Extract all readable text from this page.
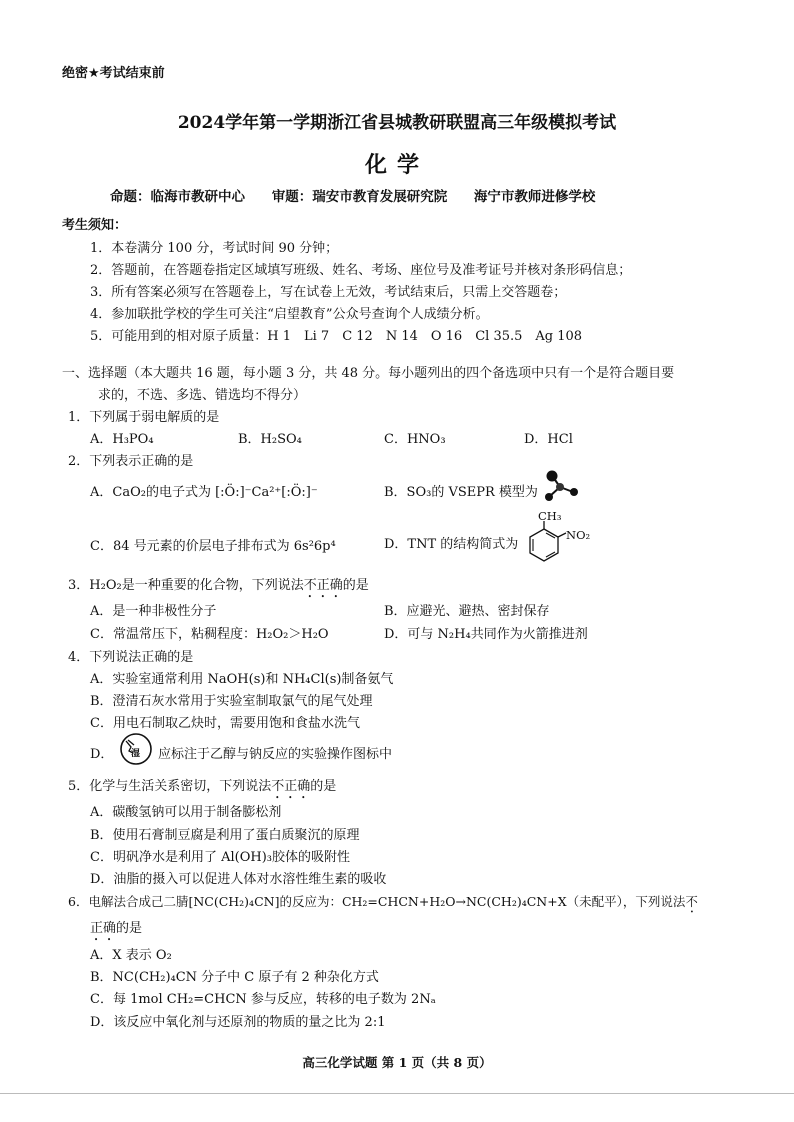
绝密★考试结束前
2024学年第一学期浙江省县城教研联盟高三年级模拟考试
化学
命题：临海市教研中心 审题：瑞安市教育发展研究院 海宁市教师进修学校
考生须知：
1．本卷满分 100 分，考试时间 90 分钟；
2．答题前，在答题卷指定区域填写班级、姓名、考场、座位号及准考证号并核对条形码信息；
3．所有答案必须写在答题卷上，写在试卷上无效，考试结束后，只需上交答题卷；
4．参加联批学校的学生可关注“启望教育”公众号查询个人成绩分析。
5．可能用到的相对原子质量：H 1　Li 7　C 12　N 14　O 16　Cl 35.5　Ag 108
一、选择题（本大题共 16 题，每小题 3 分，共 48 分。每小题列出的四个备选项中只有一个是符合题目要
求的，不选、多选、错选均不得分）
1．下列属于弱电解质的是
A．H₃PO₄	B．H₂SO₄	C．HNO₃	D．HCl
2．下列表示正确的是
A．CaO₂的电子式为 [:Ö:]⁻Ca²⁺[:Ö:]⁻	B．SO₃的 VSEPR 模型为
C．84 号元素的价层电子排布式为 6s²6p⁴	D．TNT 的结构简式为
CH₃
NO₂
3．H₂O₂是一种重要的化合物，下列说法不正确的是
A．是一种非极性分子	B．应避光、避热、密封保存
C．常温常压下，粘稠程度：H₂O₂＞H₂O	D．可与 N₂H₄共同作为火箭推进剂
4．下列说法正确的是
A．实验室通常利用 NaOH(s)和 NH₄Cl(s)制备氨气
B．澄清石灰水常用于实验室制取氯气的尾气处理
C．用电石制取乙炔时，需要用饱和食盐水洗气
D． 湿 应标注于乙醇与钠反应的实验操作图标中
5．化学与生活关系密切，下列说法不正确的是
A．碳酸氢钠可以用于制备膨松剂
B．使用石膏制豆腐是利用了蛋白质聚沉的原理
C．明矾净水是利用了 Al(OH)₃胶体的吸附性
D．油脂的摄入可以促进人体对水溶性维生素的吸收
6．电解法合成己二腈[NC(CH₂)₄CN]的反应为：CH₂=CHCN+H₂O→NC(CH₂)₄CN+X（未配平），下列说法不
正确的是
A．X 表示 O₂
B．NC(CH₂)₄CN 分子中 C 原子有 2 种杂化方式
C．每 1mol CH₂=CHCN 参与反应，转移的电子数为 2Nₐ
D．该反应中氧化剂与还原剂的物质的量之比为 2:1
高三化学试题 第 1 页（共 8 页）
